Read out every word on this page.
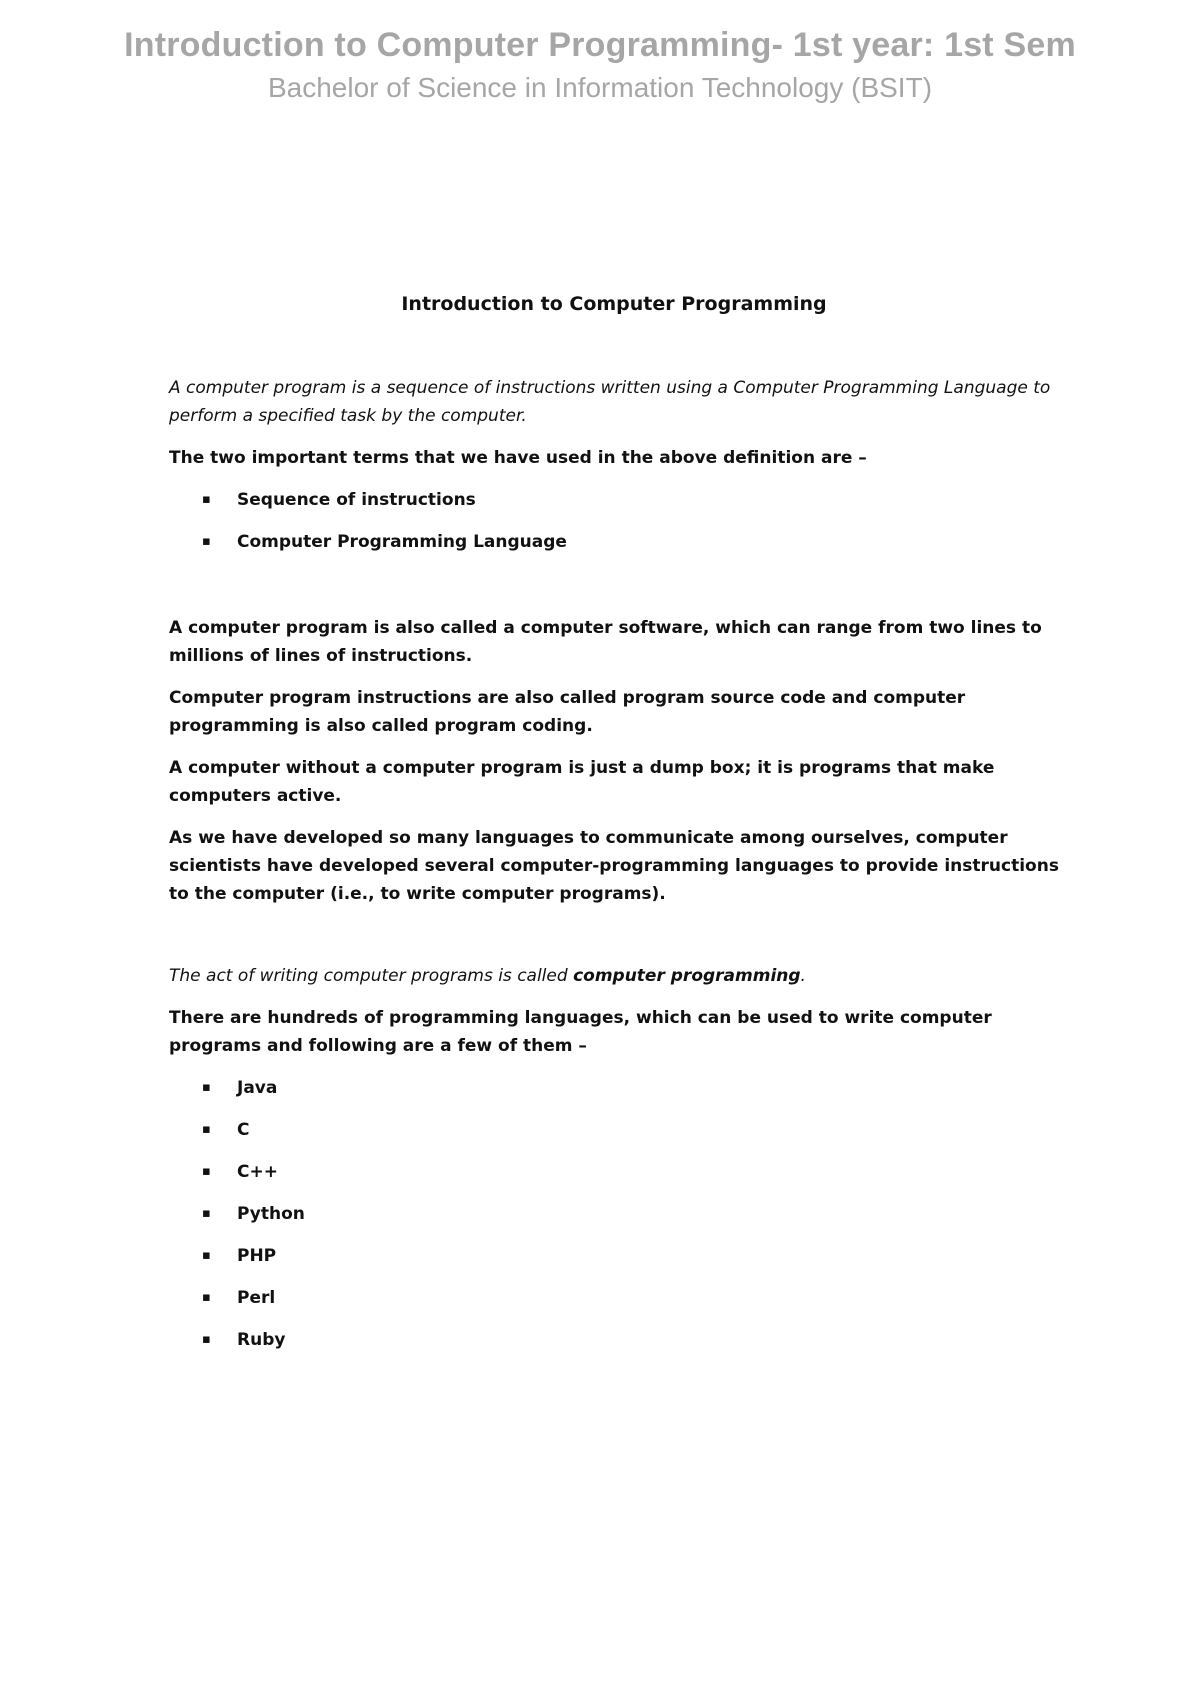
Introduction to Computer Programming- 1st year: 1st Sem
Bachelor of Science in Information Technology (BSIT)
Introduction to Computer Programming

A computer program is a sequence of instructions written using a Computer Programming Language to perform a specified task by the computer.

The two important terms that we have used in the above definition are –

▪ Sequence of instructions
▪ Computer Programming Language

A computer program is also called a computer software, which can range from two lines to millions of lines of instructions.

Computer program instructions are also called program source code and computer programming is also called program coding.

A computer without a computer program is just a dump box; it is programs that make computers active.

As we have developed so many languages to communicate among ourselves, computer scientists have developed several computer-programming languages to provide instructions to the computer (i.e., to write computer programs).

The act of writing computer programs is called computer programming.

There are hundreds of programming languages, which can be used to write computer programs and following are a few of them –

▪ Java
▪ C
▪ C++
▪ Python
▪ PHP
▪ Perl
▪ Ruby
